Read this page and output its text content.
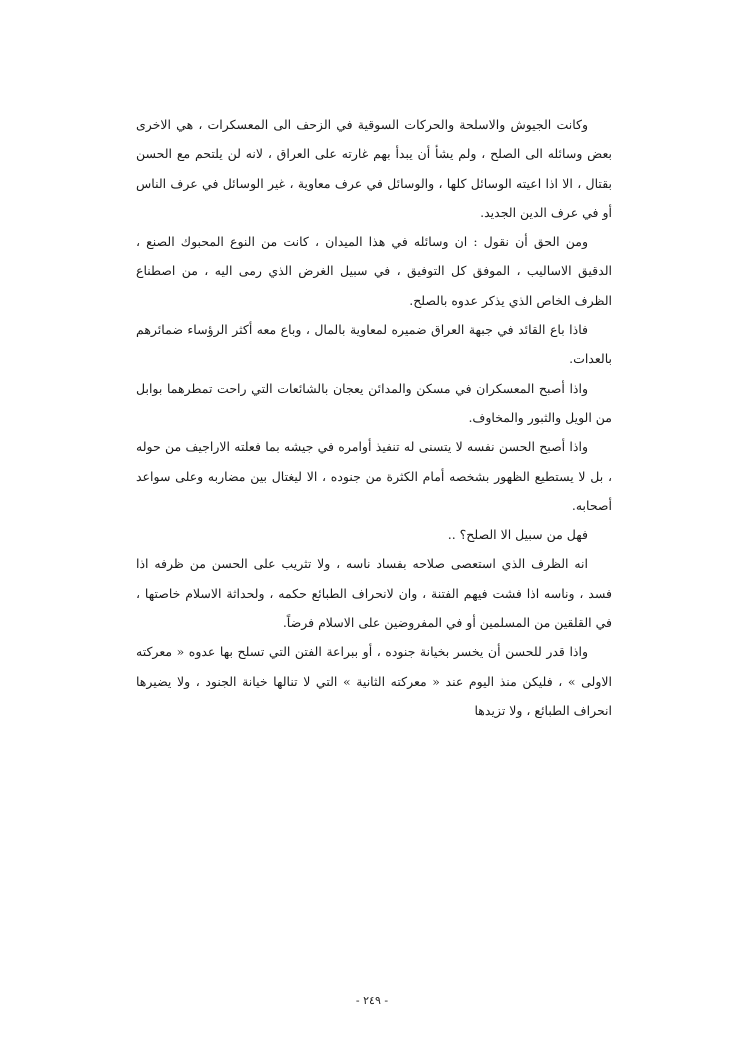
وكانت الجيوش والاسلحة والحركات السوقية في الزحف الى المعسكرات ، هي الاخرى بعض وسائله الى الصلح ، ولم يشأ أن يبدأ بهم غارته على العراق ، لانه لن يلتحم مع الحسن بقتال ، الا اذا اعيته الوسائل كلها ، والوسائل في عرف معاوية ، غير الوسائل في عرف الناس أو في عرف الدين الجديد.

ومن الحق أن نقول : ان وسائله في هذا الميدان ، كانت من النوع المحبوك الصنع ، الدقيق الاساليب ، الموفق كل التوفيق ، في سبيل الغرض الذي رمى اليه ، من اصطناع الظرف الخاص الذي يذكر عدوه بالصلح.

فاذا باع القائد في جبهة العراق ضميره لمعاوية بالمال ، وباع معه أكثر الرؤساء ضمائرهم بالعدات.

واذا أصبح المعسكران في مسكن والمدائن يعجان بالشائعات التي راحت تمطرهما بوابل من الويل والثبور والمخاوف.

واذا أصبح الحسن نفسه لا يتسنى له تنفيذ أوامره في جيشه بما فعلته الاراجيف من حوله ، بل لا يستطيع الظهور بشخصه أمام الكثرة من جنوده ، الا ليغتال بين مضاربه وعلى سواعد أصحابه.

فهل من سبيل الا الصلح؟ ..

انه الظرف الذي استعصى صلاحه بفساد ناسه ، ولا تثريب على الحسن من ظرفه اذا فسد ، وناسه اذا فشت فيهم الفتنة ، وان لانحراف الطبائع حكمه ، ولحداثة الاسلام خاصتها ، في القلقين من المسلمين أو في المفروضين على الاسلام فرضاً.

واذا قدر للحسن أن يخسر بخيانة جنوده ، أو ببراعة الفتن التي تسلح بها عدوه « معركته الاولى » ، فليكن منذ اليوم عند « معركته الثانية » التي لا تنالها خيانة الجنود ، ولا يضيرها انحراف الطبائع ، ولا تزيدها

- ٢٤٩ -
